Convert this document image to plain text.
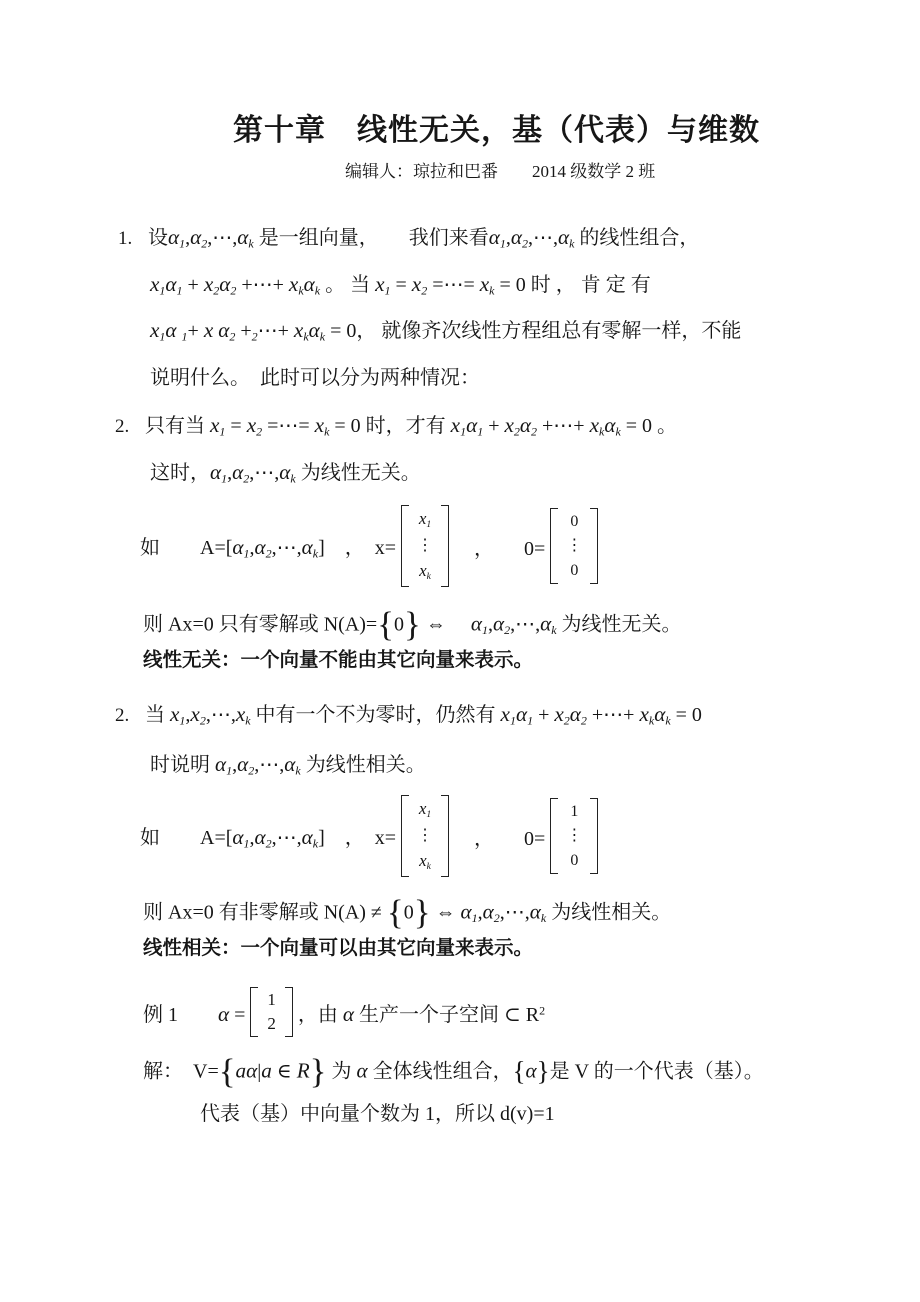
第十章　线性无关，基（代表）与维数
编辑人：琼拉和巴番　　2014 级数学 2 班
1. 设α1,α2,⋯,αk 是一组向量，　　我们来看α1,α2,⋯,αk 的线性组合，
x1α1 + x2α2 +⋯+ xkαk 。 当 x1 = x2 =⋯= xk = 0 时 ， 肯 定 有
x1α 1+ x α2 +2⋯+ xkαk = 0， 就像齐次线性方程组总有零解一样，不能
说明什么。　此时可以分为两种情况：
2. 只有当 x1 = x2 =⋯= xk = 0 时，才有 x1α1 + x2α2 +⋯+ xkαk = 0 。
这时，α1,α2,⋯,αk 为线性无关。
如　　A=[α1,α2,⋯,αk]　，　x=
x1
⋮
xk
　，　　0=
0
⋮
0
则 Ax=0 只有零解或 N(A)={0} ⇔ 　α1,α2,⋯,αk 为线性无关。
线性无关：一个向量不能由其它向量来表示。
2. 当 x1,x2,⋯,xk 中有一个不为零时，仍然有 x1α1 + x2α2 +⋯+ xkαk = 0
时说明 α1,α2,⋯,αk 为线性相关。
如　　A=[α1,α2,⋯,αk]　，　x=
x1
⋮
xk
　，　　0=
1
⋮
0
则 Ax=0 有非零解或 N(A) ≠ {0} ⇔ α1,α2,⋯,αk 为线性相关。
线性相关：一个向量可以由其它向量来表示。
例 1　　α =
1
2 ，由 α 生产一个子空间 ⊂ $R^2$
解：　V={aα|a ∈ R} 为 α 全体线性组合，{α}是 V 的一个代表（基）。
代表（基）中向量个数为 1，所以 d(v)=1
